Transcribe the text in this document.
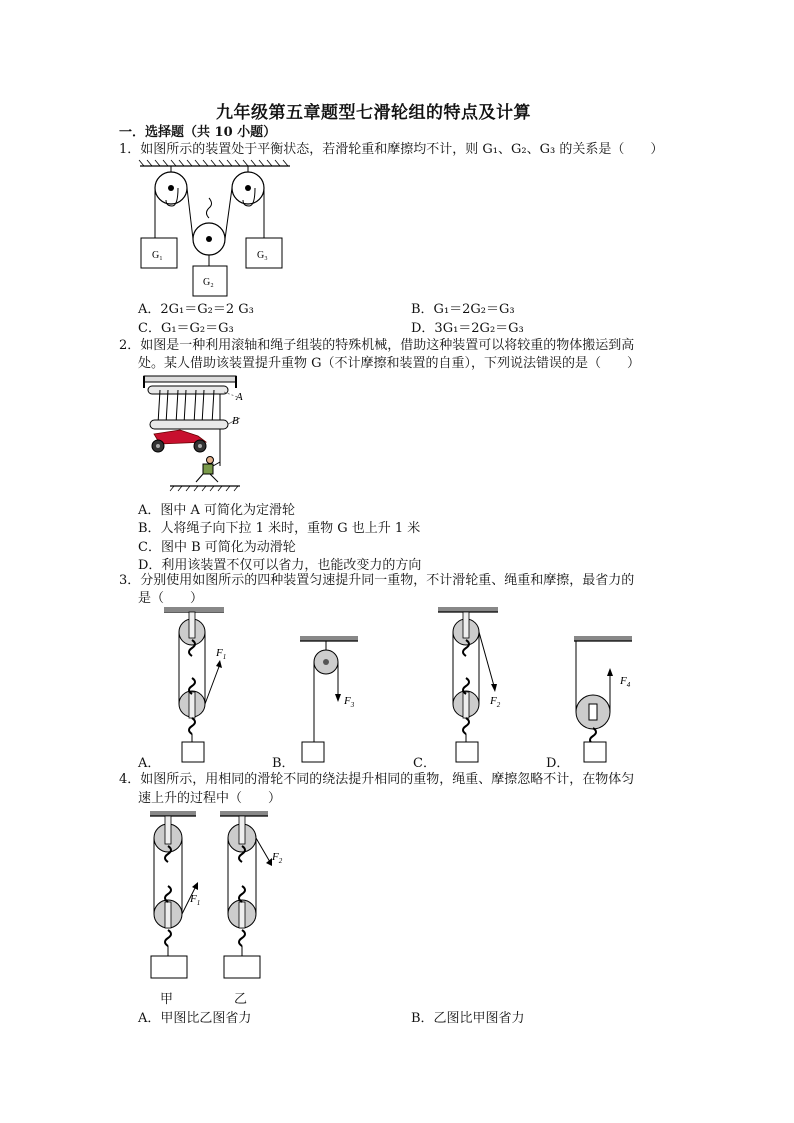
九年级第五章题型七滑轮组的特点及计算
一．选择题（共 10 小题）
1．如图所示的装置处于平衡状态，若滑轮重和摩擦均不计，则 G₁、G₂、G₃ 的关系是（　　）
G₁	G₃
G₂
A．2G₁＝G₂＝2 G₃	B．G₁＝2G₂＝G₃
C．G₁＝G₂＝G₃	D．3G₁＝2G₂＝G₃
2．如图是一种利用滚轴和绳子组装的特殊机械，借助这种装置可以将较重的物体搬运到高
处。某人借助该装置提升重物 G（不计摩擦和装置的自重），下列说法错误的是（　　）
A
B
A．图中 A 可简化为定滑轮
B．人将绳子向下拉 1 米时，重物 G 也上升 1 米
C．图中 B 可简化为动滑轮
D．利用该装置不仅可以省力，也能改变力的方向
3．分别使用如图所示的四种装置匀速提升同一重物，不计滑轮重、绳重和摩擦，最省力的
是（　　）
$F_1$
A．
$F_3$
B．
$F_2$
C．
$F_4$
D．
4．如图所示，用相同的滑轮不同的绕法提升相同的重物，绳重、摩擦忽略不计，在物体匀
速上升的过程中（　　）
$F_1$
甲
$F_2$
乙
A．甲图比乙图省力	B．乙图比甲图省力
